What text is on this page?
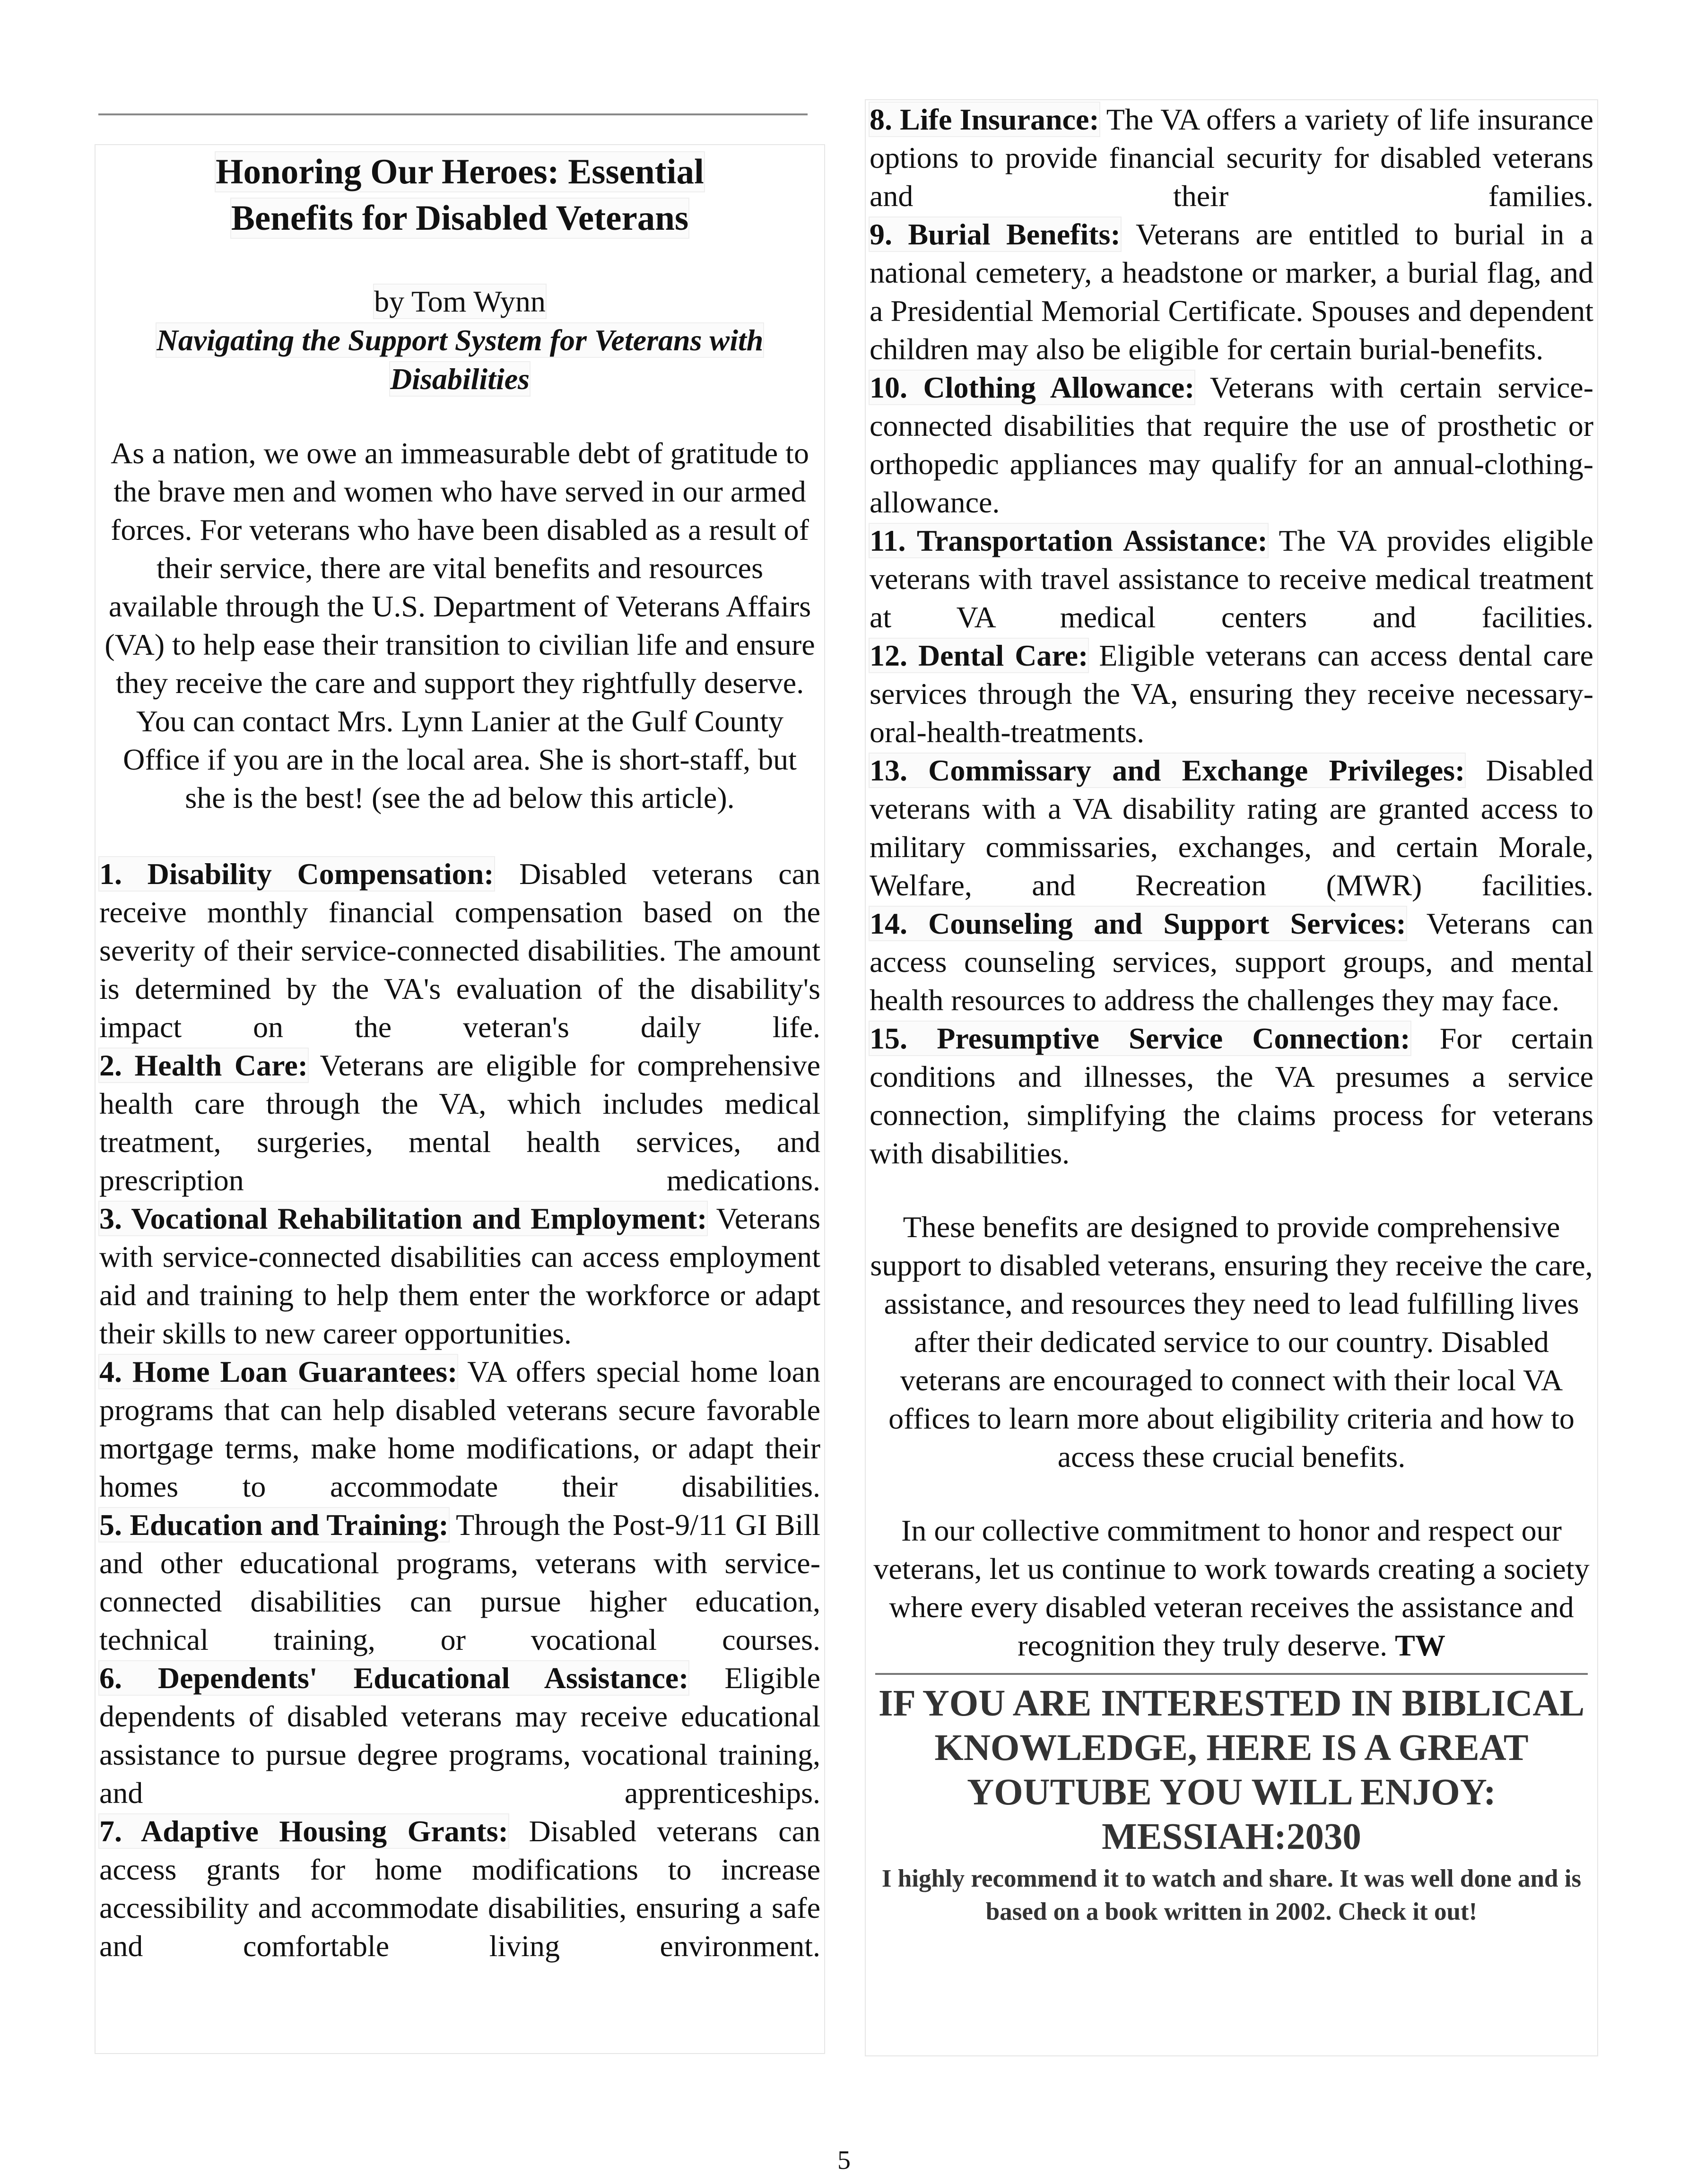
Honoring Our Heroes: Essential
Benefits for Disabled Veterans
by Tom Wynn
Navigating the Support System for Veterans with
Disabilities
As a nation, we owe an immeasurable debt of gratitude to the brave men and women who have served in our armed forces. For veterans who have been disabled as a result of their service, there are vital benefits and resources available through the U.S. Department of Veterans Affairs (VA) to help ease their transition to civilian life and ensure they receive the care and support they rightfully deserve. You can contact Mrs. Lynn Lanier at the Gulf County Office if you are in the local area. She is short-staff, but she is the best! (see the ad below this article).
1. Disability Compensation: Disabled veterans can receive monthly financial compensation based on the severity of their service-connected disabilities. The amount is determined by the VA's evaluation of the disability's impact on the veteran's daily life.
2. Health Care: Veterans are eligible for comprehensive health care through the VA, which includes medical treatment, surgeries, mental health services, and prescription medications.
3. Vocational Rehabilitation and Employment: Veterans with service-connected disabilities can access employment aid and training to help them enter the workforce or adapt their skills to new career opportunities.
4. Home Loan Guarantees: VA offers special home loan programs that can help disabled veterans secure favorable mortgage terms, make home modifications, or adapt their homes to accommodate their disabilities.
5. Education and Training: Through the Post-9/11 GI Bill and other educational programs, veterans with service-connected disabilities can pursue higher education, technical training, or vocational courses.
6. Dependents' Educational Assistance: Eligible dependents of disabled veterans may receive educational assistance to pursue degree programs, vocational training, and apprenticeships.
7. Adaptive Housing Grants: Disabled veterans can access grants for home modifications to increase accessibility and accommodate disabilities, ensuring a safe and comfortable living environment.
8. Life Insurance: The VA offers a variety of life insurance options to provide financial security for disabled veterans and their families.
9. Burial Benefits: Veterans are entitled to burial in a national cemetery, a headstone or marker, a burial flag, and a Presidential Memorial Certificate. Spouses and dependent children may also be eligible for certain burial-benefits.
10. Clothing Allowance: Veterans with certain service-connected disabilities that require the use of prosthetic or orthopedic appliances may qualify for an annual-clothing-allowance.
11. Transportation Assistance: The VA provides eligible veterans with travel assistance to receive medical treatment at VA medical centers and facilities.
12. Dental Care: Eligible veterans can access dental care services through the VA, ensuring they receive necessary-oral-health-treatments.
13. Commissary and Exchange Privileges: Disabled veterans with a VA disability rating are granted access to military commissaries, exchanges, and certain Morale, Welfare, and Recreation (MWR) facilities.
14. Counseling and Support Services: Veterans can access counseling services, support groups, and mental health resources to address the challenges they may face.
15. Presumptive Service Connection: For certain conditions and illnesses, the VA presumes a service connection, simplifying the claims process for veterans with disabilities.
These benefits are designed to provide comprehensive support to disabled veterans, ensuring they receive the care, assistance, and resources they need to lead fulfilling lives after their dedicated service to our country. Disabled veterans are encouraged to connect with their local VA offices to learn more about eligibility criteria and how to access these crucial benefits.
In our collective commitment to honor and respect our veterans, let us continue to work towards creating a society where every disabled veteran receives the assistance and recognition they truly deserve. TW
IF YOU ARE INTERESTED IN BIBLICAL KNOWLEDGE, HERE IS A GREAT YOUTUBE YOU WILL ENJOY: MESSIAH:2030
I highly recommend it to watch and share. It was well done and is based on a book written in 2002. Check it out!
5
